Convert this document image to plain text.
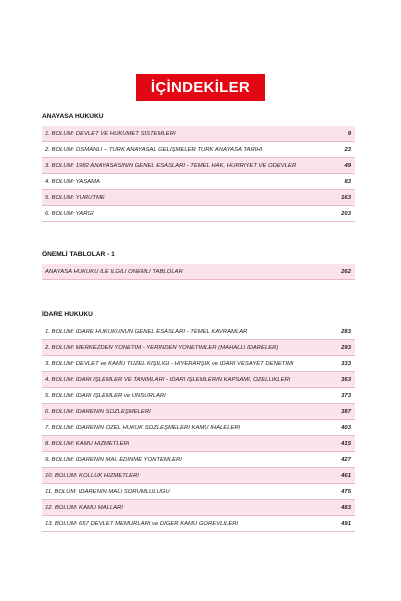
İÇİNDEKİLER
ANAYASA HUKUKU
1. BÖLÜM: DEVLET VE HÜKÜMET SİSTEMLERİ	9
2. BÖLÜM: OSMANLI – TÜRK ANAYASAL GELİŞMELER TÜRK ANAYASA TARİHİ	23
3. BÖLÜM: 1982 ANAYASASININ GENEL ESASLARI - TEMEL HAK, HÜRRİYET VE ÖDEVLER	49
4. BÖLÜM: YASAMA	83
5. BÖLÜM: YÜRÜTME	163
6. BÖLÜM: YARGI	203
ÖNEMLİ TABLOLAR - 1
ANAYASA HUKUKU İLE İLGİLİ ÖNEMLİ TABLOLAR	262
İDARE HUKUKU
1. BÖLÜM: İDARE HUKUKUNUN GENEL ESASLARI - TEMEL KAVRAMLAR	283
2. BÖLÜM: MERKEZDEN YÖNETİM - YERİNDEN YÖNETİMLER (MAHALLİ İDARELER)	293
3. BÖLÜM: DEVLET ve KAMU TÜZEL KİŞİLİĞİ - HİYERARŞİK ve İDARİ VESAYET DENETİMİ	333
4. BÖLÜM: İDARİ İŞLEMLER VE TANIMLARI - İDARİ İŞLEMLERİN KAPSAMI, ÖZELLİKLERİ	363
5. BÖLÜM: İDARİ İŞLEMLER ve UNSURLARI	373
6. BÖLÜM: İDARENİN SÖZLEŞMELERİ	387
7. BÖLÜM: İDARENİN ÖZEL HUKUK SÖZLEŞMELERİ KAMU İHALELERİ	403
8. BÖLÜM: KAMU HİZMETLERİ	415
9. BÖLÜM: İDARENİN MAL EDİNME YÖNTEMLERİ	427
10. BÖLÜM: KOLLUK HİZMETLERİ	461
11. BÖLÜM: İDARENİN MALİ SORUMLULUĞU	475
12. BÖLÜM: KAMU MALLARI	483
13. BÖLÜM: 657 DEVLET MEMURLARI ve DİĞER KAMU GÖREVLİLERİ	491
